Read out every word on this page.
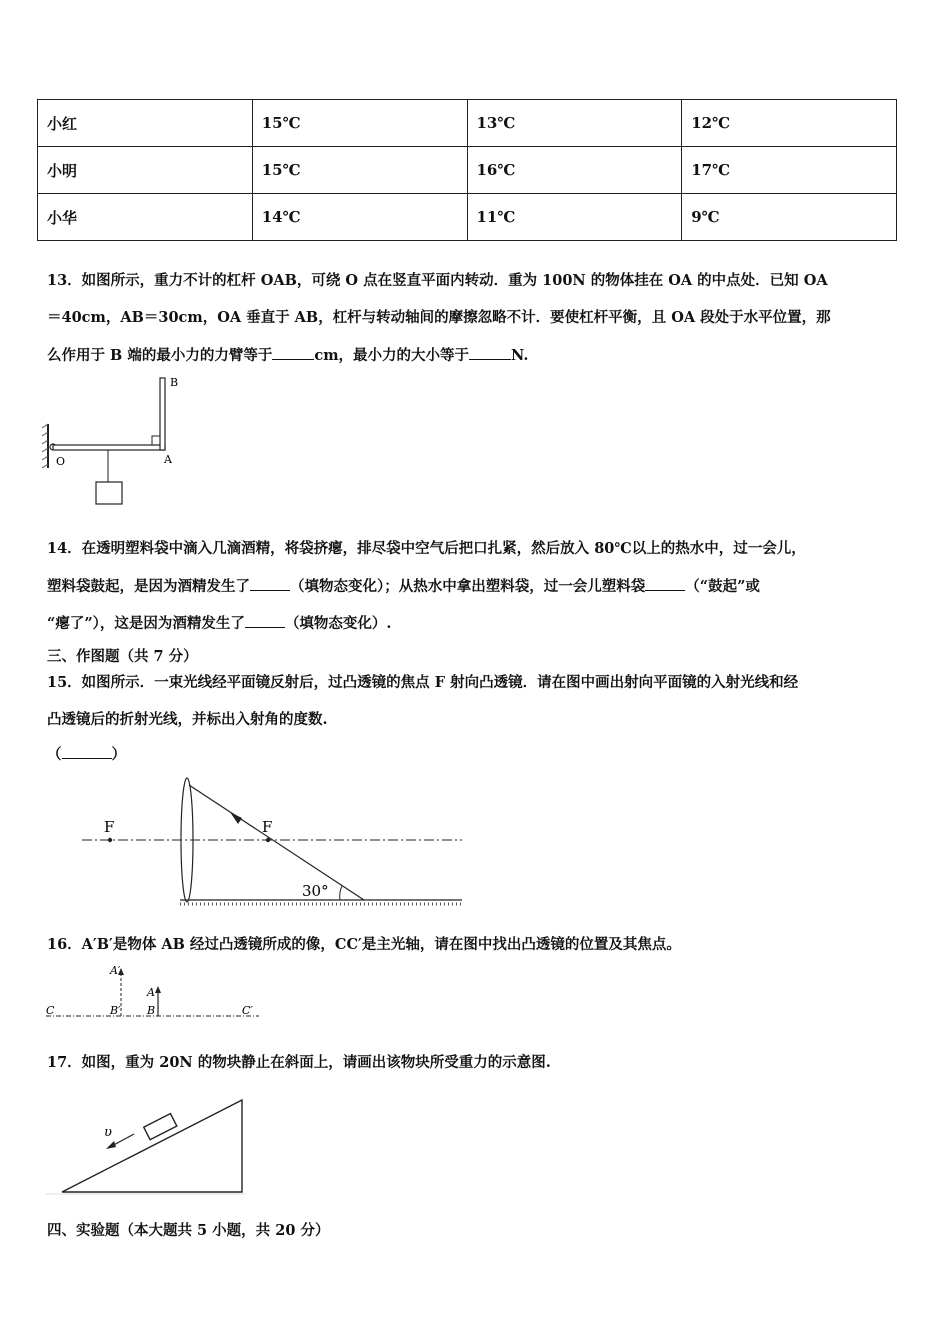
小红	15℃	13℃	12℃
小明	15℃	16℃	17℃
小华	14℃	11℃	9℃
13．如图所示，重力不计的杠杆 OAB，可绕 O 点在竖直平面内转动．重为 100N 的物体挂在 OA 的中点处．已知 OA
＝40cm，AB＝30cm，OA 垂直于 AB，杠杆与转动轴间的摩擦忽略不计．要使杠杆平衡，且 OA 段处于水平位置，那
么作用于 B 端的最小力的力臂等于	cm，最小力的大小等于	N.
B
O	A
14．在透明塑料袋中滴入几滴酒精，将袋挤瘪，排尽袋中空气后把口扎紧，然后放入 80℃以上的热水中，过一会儿，
塑料袋鼓起，是因为酒精发生了	（填物态变化）；从热水中拿出塑料袋，过一会儿塑料袋	（“鼓起”或
“瘪了”），这是因为酒精发生了	（填物态变化）.
三、作图题（共 7 分）
15．如图所示．一束光线经平面镜反射后，过凸透镜的焦点 F 射向凸透镜．请在图中画出射向平面镜的入射光线和经
凸透镜后的折射光线，并标出入射角的度数.
（	）
F	F
30°
16．A′B′是物体 AB 经过凸透镜所成的像，CC′是主光轴，请在图中找出凸透镜的位置及其焦点。
C
A′
B′
A
B	C′
17．如图，重为 20N 的物块静止在斜面上，请画出该物块所受重力的示意图.
υ
四、实验题（本大题共 5 小题，共 20 分）
